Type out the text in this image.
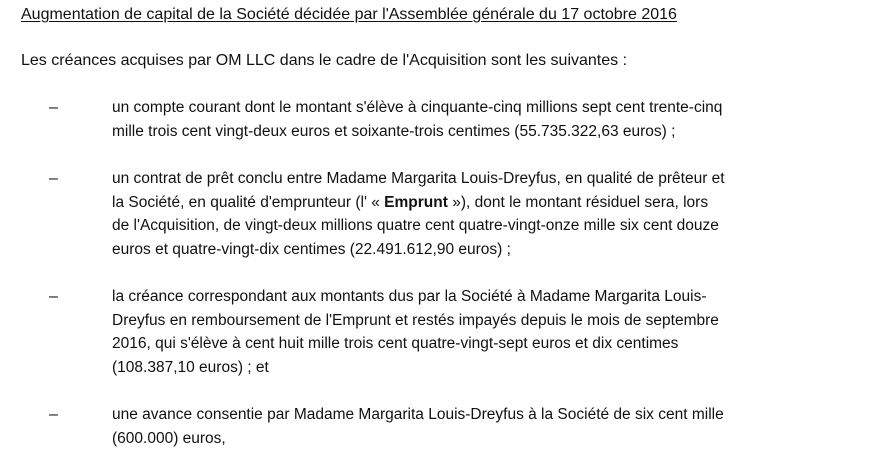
Augmentation de capital de la Société décidée par l'Assemblée générale du 17 octobre 2016
Les créances acquises par OM LLC dans le cadre de l'Acquisition sont les suivantes :
–	un compte courant dont le montant s'élève à cinquante-cinq millions sept cent trente-cinq
mille trois cent vingt-deux euros et soixante-trois centimes (55.735.322,63 euros) ;
–	un contrat de prêt conclu entre Madame Margarita Louis-Dreyfus, en qualité de prêteur et
la Société, en qualité d'emprunteur (l' « Emprunt »), dont le montant résiduel sera, lors
de l'Acquisition, de vingt-deux millions quatre cent quatre-vingt-onze mille six cent douze
euros et quatre-vingt-dix centimes (22.491.612,90 euros) ;
–	la créance correspondant aux montants dus par la Société à Madame Margarita Louis-
Dreyfus en remboursement de l'Emprunt et restés impayés depuis le mois de septembre
2016, qui s'élève à cent huit mille trois cent quatre-vingt-sept euros et dix centimes
(108.387,10 euros) ; et
–	une avance consentie par Madame Margarita Louis-Dreyfus à la Société de six cent mille
(600.000) euros,
